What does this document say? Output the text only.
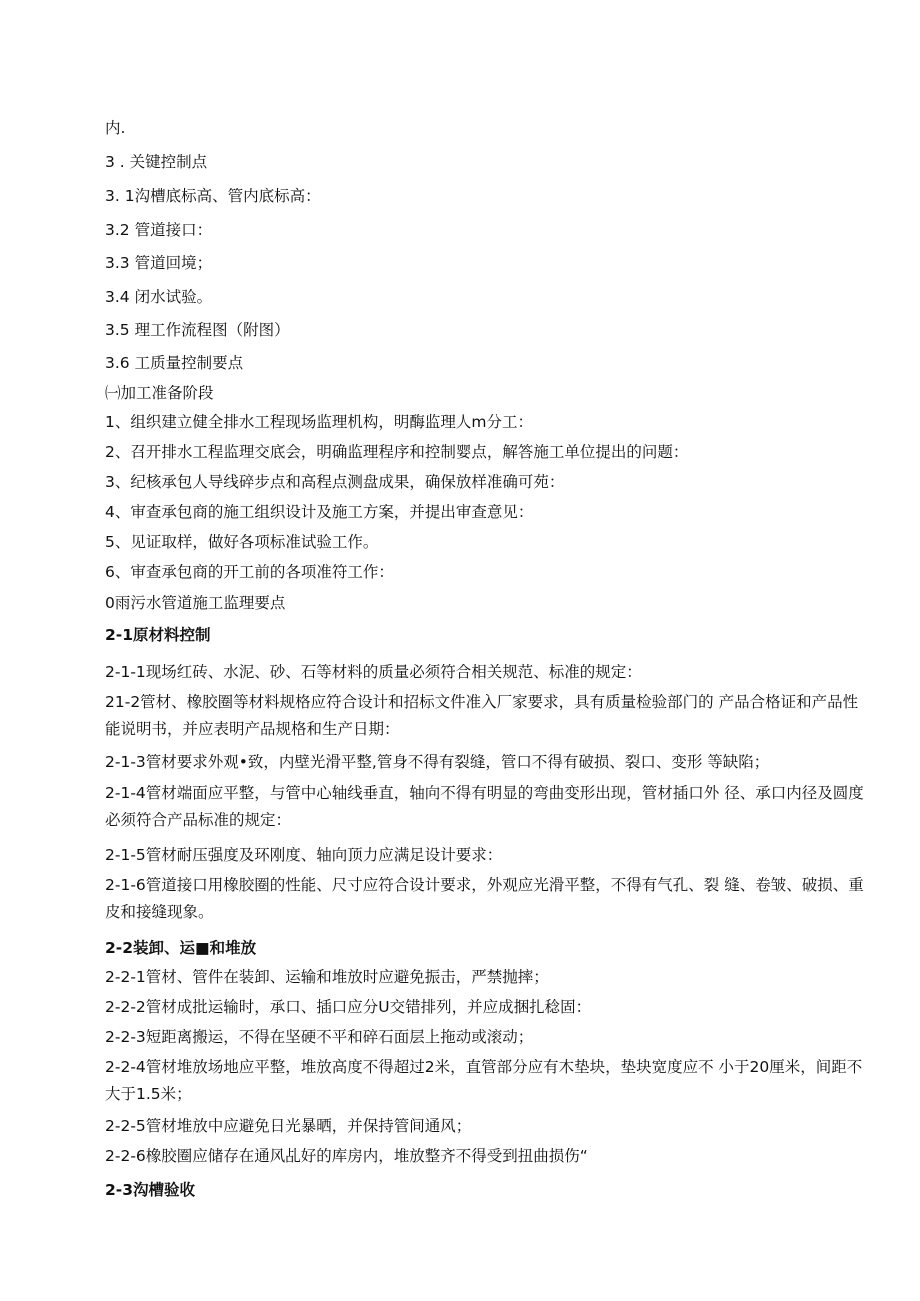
内.
3 . 关键控制点
3. 1沟槽底标高、管内底标高：
3.2 管道接口：
3.3 管道回境；
3.4 闭水试验。
3.5 理工作流程图（附图）
3.6 工质量控制要点
㈠加工准备阶段
1、组织建立健全排水工程现场监理机构，明酶监理人m分工：
2、召开排水工程监理交底会，明确监理程序和控制婴点，解答施工单位提出的问题：
3、纪核承包人导线碎步点和高程点测盘成果，确保放样准确可苑：
4、审查承包商的施工组织设计及施工方案，并提出审查意见：
5、见证取样，做好各项标准试验工作。
6、审查承包商的开工前的各项准符工作：
0雨污水管道施工监理要点
2-1原材料控制
2-1-1现场红砖、水泥、砂、石等材料的质量必须符合相关规范、标准的规定：
21-2管材、橡胶圈等材料规格应符合设计和招标文件准入厂家要求，具有质量检验部门的 产品合格证和产品性能说明书，并应表明产品规格和生产日期：
2-1-3管材要求外观•致，内壁光滑平整,管身不得有裂缝，管口不得有破损、裂口、变形 等缺陷；
2-1-4管材端面应平整，与管中心轴线垂直，轴向不得有明显的弯曲变形出现，管材插口外 径、承口内径及圆度必须符合产品标准的规定：
2-1-5管材耐压强度及环刚度、轴向顶力应满足设计要求：
2-1-6管道接口用橡胶圈的性能、尺寸应符合设计要求，外观应光滑平整，不得有气孔、裂 缝、卷皱、破损、重皮和接缝现象。
2-2装卸、运■和堆放
2-2-1管材、管件在装卸、运输和堆放时应避免振击，严禁抛摔；
2-2-2管材成批运输时，承口、插口应分U交错排列，并应成捆扎稔固：
2-2-3短距离搬运，不得在坚硬不平和碎石面层上拖动或滚动；
2-2-4管材堆放场地应平整，堆放高度不得超过2米，直管部分应有木垫块，垫块宽度应不 小于20厘米，间距不大于1.5米；
2-2-5管材堆放中应避免日光暴晒，并保持管间通风；
2-2-6橡胶圈应储存在通风乩好的库房内，堆放整齐不得受到扭曲损伤“
2-3沟槽验收
